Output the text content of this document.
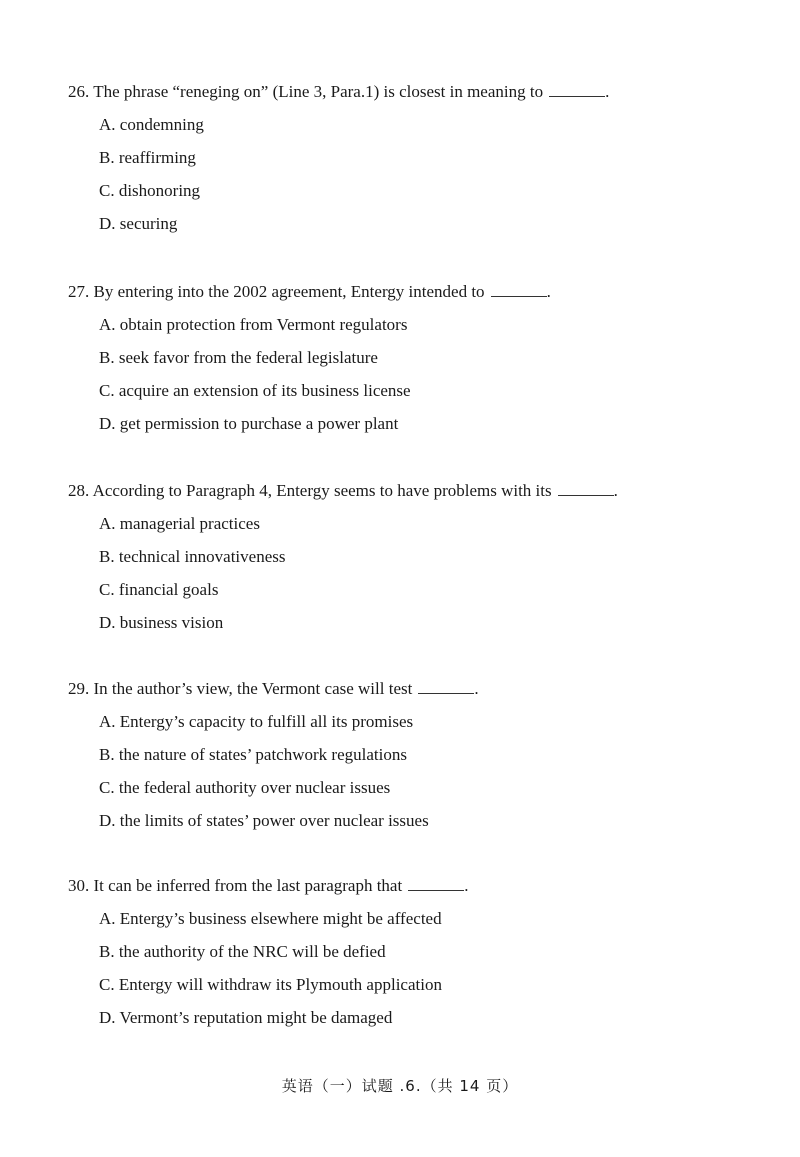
26. The phrase “reneging on” (Line 3, Para.1) is closest in meaning to	.
A. condemning
B. reaffirming
C. dishonoring
D. securing
27. By entering into the 2002 agreement, Entergy intended to	.
A. obtain protection from Vermont regulators
B. seek favor from the federal legislature
C. acquire an extension of its business license
D. get permission to purchase a power plant
28. According to Paragraph 4, Entergy seems to have problems with its	.
A. managerial practices
B. technical innovativeness
C. financial goals
D. business vision
29. In the author’s view, the Vermont case will test	.
A. Entergy’s capacity to fulfill all its promises
B. the nature of states’ patchwork regulations
C. the federal authority over nuclear issues
D. the limits of states’ power over nuclear issues
30. It can be inferred from the last paragraph that	.
A. Entergy’s business elsewhere might be affected
B. the authority of the NRC will be defied
C. Entergy will withdraw its Plymouth application
D. Vermont’s reputation might be damaged
英语（一）试题 .6.（共 14 页）
